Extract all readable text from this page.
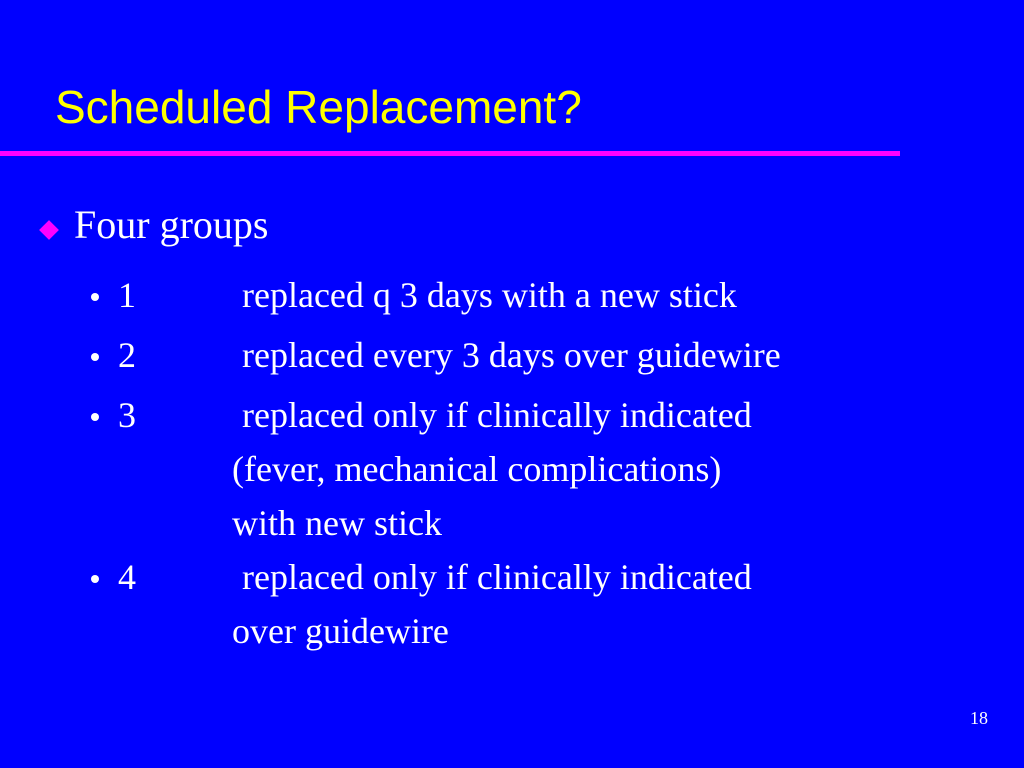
Scheduled Replacement?
Four groups
1	replaced q 3 days with a new stick
2	replaced every 3 days over guidewire
3	replaced only if clinically indicated
(fever, mechanical complications)
with new stick
4	replaced only if clinically indicated
over guidewire
18
